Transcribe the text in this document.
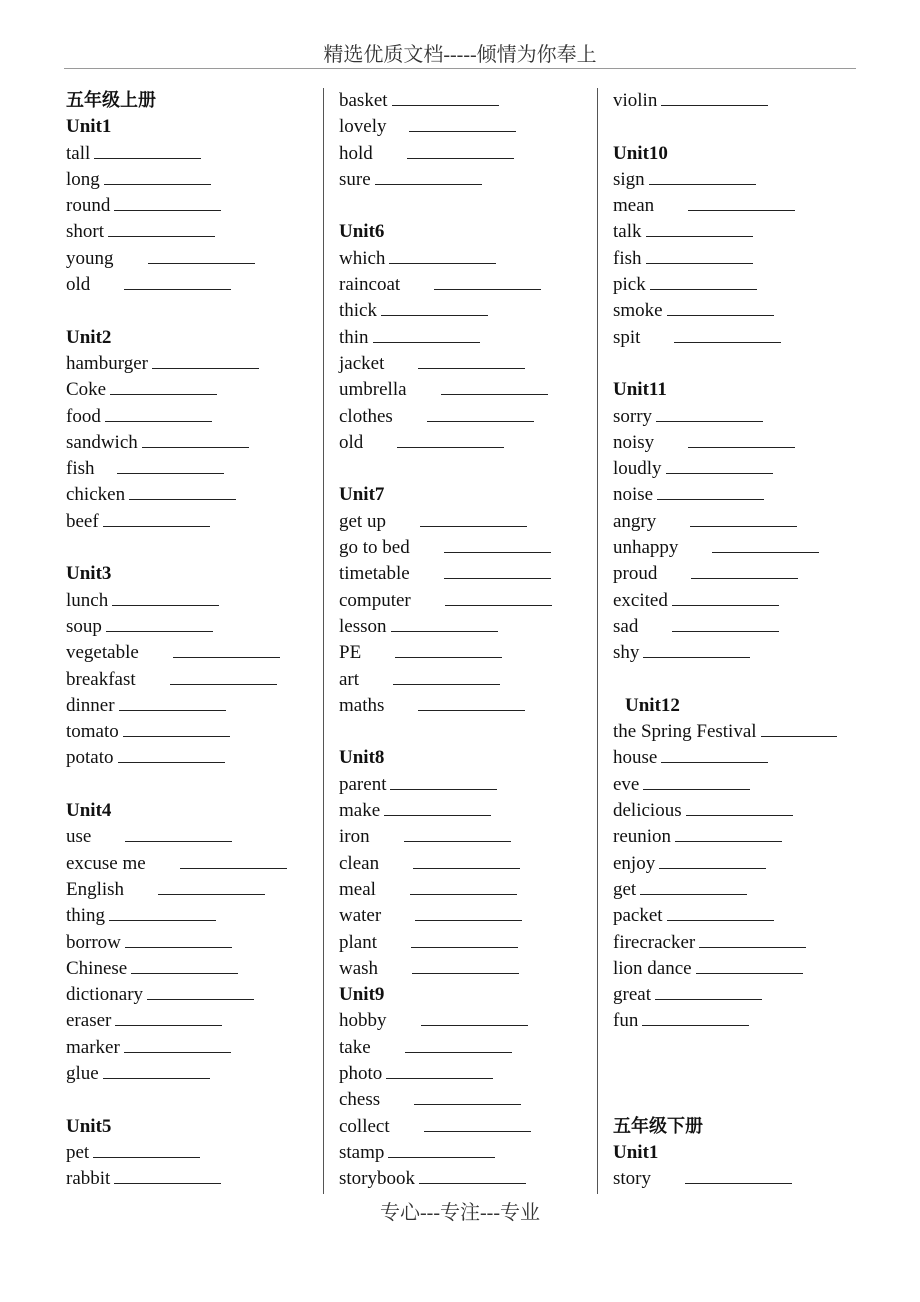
精选优质文档-----倾情为你奉上
五年级上册
Unit1
tall
long
round
short
young
old
Unit2
hamburger
Coke
food
sandwich
fish
chicken
beef
Unit3
lunch
soup
vegetable
breakfast
dinner
tomato
potato
Unit4
use
excuse me
English
thing
borrow
Chinese
dictionary
eraser
marker
glue
Unit5
pet
rabbit
basket
lovely
hold
sure
Unit6
which
raincoat
thick
thin
jacket
umbrella
clothes
old
Unit7
get up
go to bed
timetable
computer
lesson
PE
art
maths
Unit8
parent
make
iron
clean
meal
water
plant
wash
Unit9
hobby
take
photo
chess
collect
stamp
storybook
violin
Unit10
sign
mean
talk
fish
pick
smoke
spit
Unit11
sorry
noisy
loudly
noise
angry
unhappy
proud
excited
sad
shy
Unit12
the Spring Festival
house
eve
delicious
reunion
enjoy
get
packet
firecracker
lion dance
great
fun
五年级下册
Unit1
story
专心---专注---专业
